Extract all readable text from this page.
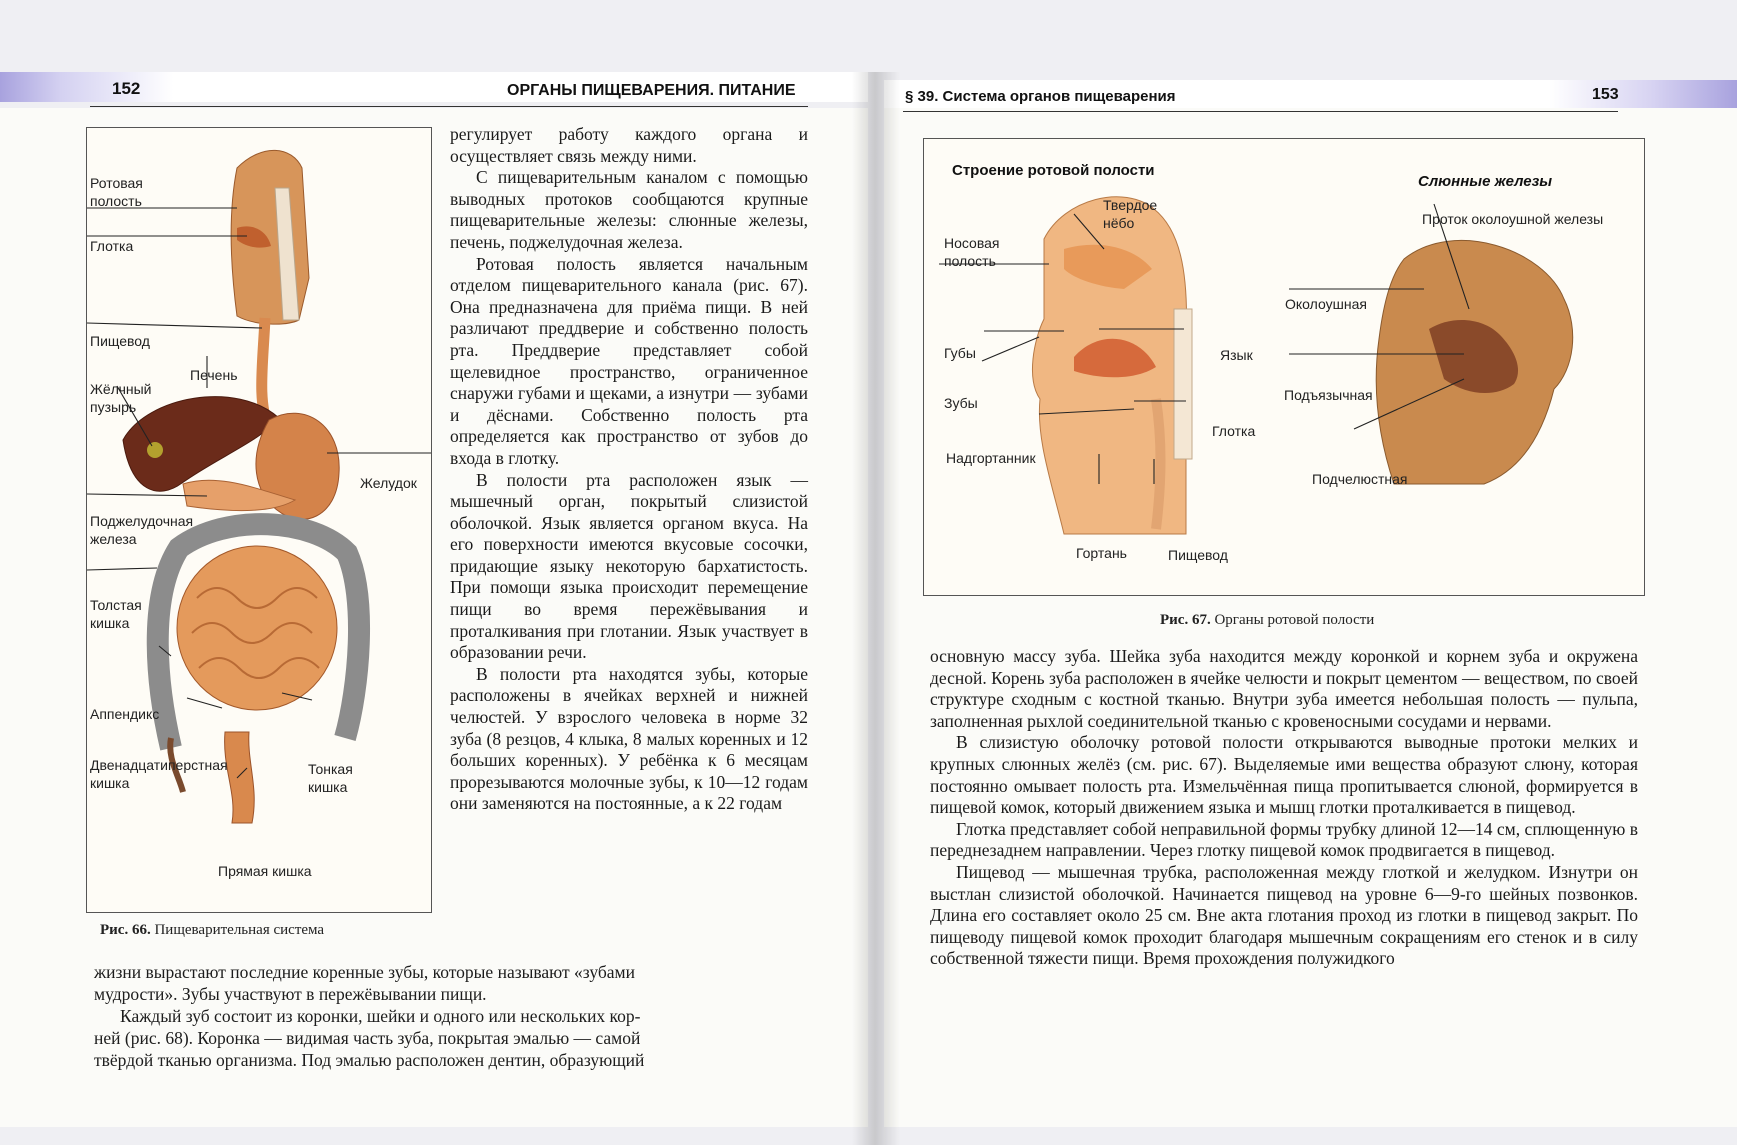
152	ОРГАНЫ ПИЩЕВАРЕНИЯ. ПИТАНИЕ	§ 39. Система органов пищеварения	153
Ротовая
полость
Глотка
Пищевод
Печень
Жёлчный
пузырь
Желудок
Поджелудочная
железа
Толстая
кишка
Аппендикс
Двенадцатиперстная
кишка
Тонкая
кишка
Прямая кишка
Рис. 66. Пищеварительная система

регулирует работу каждого органа и осуществляет связь между ними.

С пищеварительным каналом с помощью выводных протоков сообщаются крупные пищеварительные железы: слюнные железы, печень, поджелудочная железа.

Ротовая полость является начальным отделом пищеварительного канала (рис. 67). Она предназначена для приёма пищи. В ней различают преддверие и собственно полость рта. Преддверие представляет собой щелевидное пространство, ограниченное снаружи губами и щеками, а изнутри — зубами и дёснами. Собственно полость рта определяется как пространство от зубов до входа в глотку.

В полости рта расположен язык — мышечный орган, покрытый слизистой оболочкой. Язык является органом вкуса. На его поверхности имеются вкусовые сосочки, придающие языку некоторую бархатистость. При помощи языка происходит перемещение пищи во время пережёвывания и проталкивания при глотании. Язык участвует в образовании речи.

В полости рта находятся зубы, которые расположены в ячейках верхней и нижней челюстей. У взрослого человека в норме 32 зуба (8 резцов, 4 клыка, 8 малых коренных и 12 больших коренных). У ребёнка к 6 месяцам прорезываются молочные зубы, к 10—12 годам они заменяются на постоянные, а к 22 годам

жизни вырастают последние коренные зубы, которые называют «зубами
мудрости». Зубы участвуют в пережёвывании пищи.
Каждый зуб состоит из коронки, шейки и одного или нескольких кор-
ней (рис. 68). Коронка — видимая часть зуба, покрытая эмалью — самой
твёрдой тканью организма. Под эмалью расположен дентин, образующий
Строение ротовой полости
Слюнные железы
Твердое
нёбо
Носовая
полость
Губы
Зубы
Язык
Глотка
Надгортанник
Гортань	Пищевод
Проток околоушной железы
Околоушная
Подъязычная
Подчелюстная
Рис. 67. Органы ротовой полости

основную массу зуба. Шейка зуба находится между коронкой и корнем зуба и окружена десной. Корень зуба расположен в ячейке челюсти и покрыт цементом — веществом, по своей структуре сходным с костной тканью. Внутри зуба имеется небольшая полость — пульпа, заполненная рыхлой соединительной тканью с кровеносными сосудами и нервами.

В слизистую оболочку ротовой полости открываются выводные протоки мелких и крупных слюнных желёз (см. рис. 67). Выделяемые ими вещества образуют слюну, которая постоянно омывает полость рта. Измельчённая пища пропитывается слюной, формируется в пищевой комок, который движением языка и мышц глотки проталкивается в пищевод.

Глотка представляет собой неправильной формы трубку длиной 12—14 см, сплющенную в переднезаднем направлении. Через глотку пищевой комок продвигается в пищевод.

Пищевод — мышечная трубка, расположенная между глоткой и желудком. Изнутри он выстлан слизистой оболочкой. Начинается пищевод на уровне 6—9-го шейных позвонков. Длина его составляет около 25 см. Вне акта глотания проход из глотки в пищевод закрыт. По пищеводу пищевой комок проходит благодаря мышечным сокращениям его стенок и в силу собственной тяжести пищи. Время прохождения полужидкого
